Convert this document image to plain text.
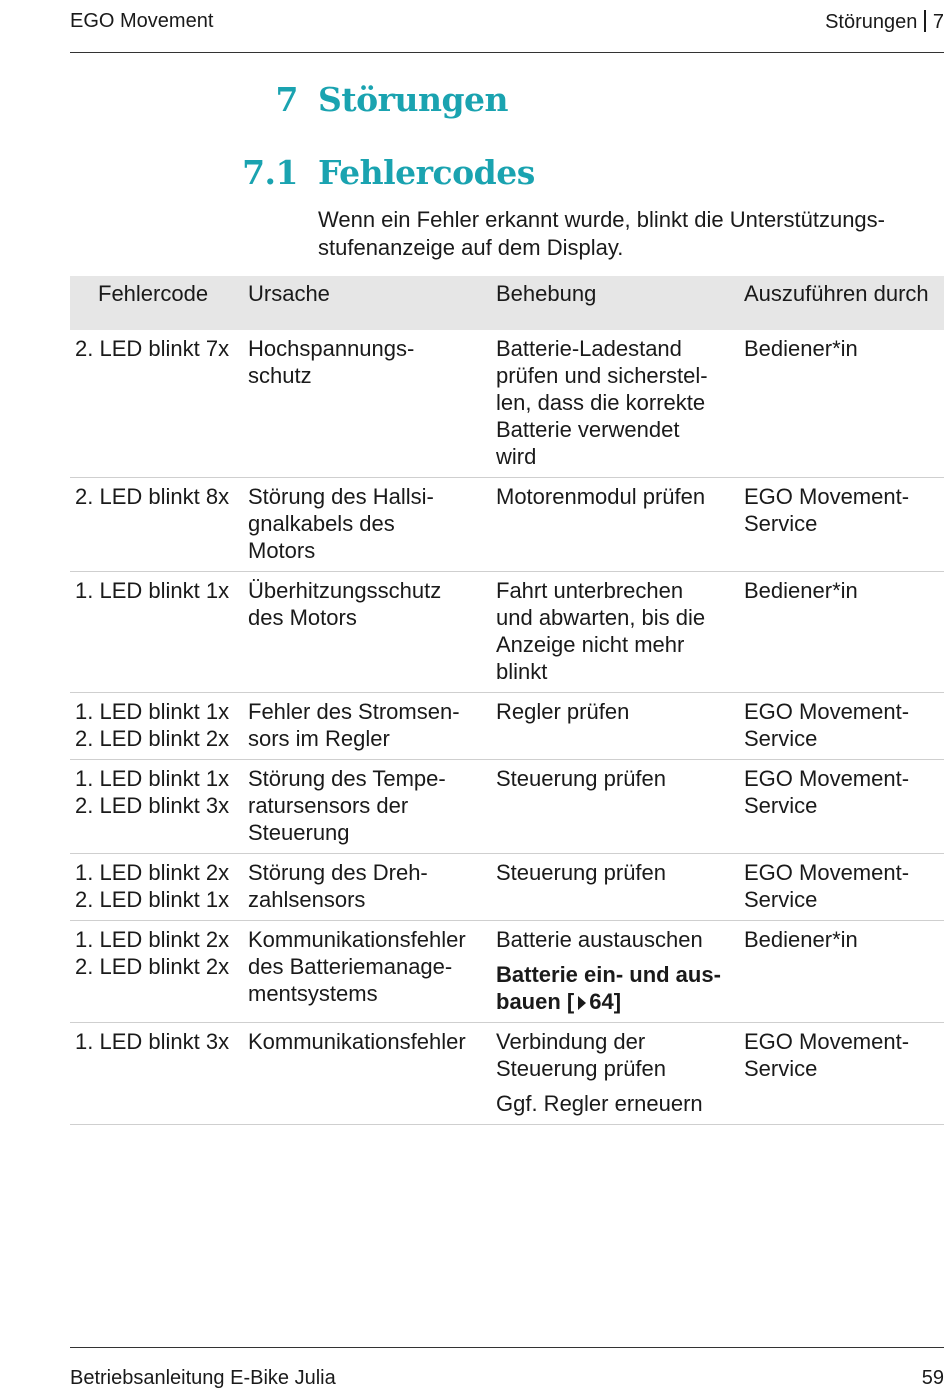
EGO Movement	Störungen 7
7 Störungen
7.1 Fehlercodes
Wenn ein Fehler erkannt wurde, blinkt die Unterstützungs-
stufenanzeige auf dem Display.
Fehlercode	Ursache	Behebung	Auszuführen durch

2. LED blinkt 7x	Hochspannungs-
schutz	Batterie-Ladestand
prüfen und sicherstel-
len, dass die korrekte
Batterie verwendet
wird	Bediener*in

2. LED blinkt 8x	Störung des Hallsi-
gnalkabels des
Motors	Motorenmodul prüfen	EGO Movement-
Service

1. LED blinkt 1x	Überhitzungsschutz
des Motors	Fahrt unterbrechen
und abwarten, bis die
Anzeige nicht mehr
blinkt	Bediener*in

1. LED blinkt 1x
2. LED blinkt 2x	Fehler des Stromsen-
sors im Regler	Regler prüfen	EGO Movement-
Service

1. LED blinkt 1x
2. LED blinkt 3x	Störung des Tempe-
ratursensors der
Steuerung	Steuerung prüfen	EGO Movement-
Service

1. LED blinkt 2x
2. LED blinkt 1x	Störung des Dreh-
zahlsensors	Steuerung prüfen	EGO Movement-
Service

1. LED blinkt 2x
2. LED blinkt 2x	Kommunikationsfehler
des Batteriemanage-
mentsystems	Batterie austauschen
Batterie ein- und aus-
bauen [ 64]	Bediener*in

1. LED blinkt 3x	Kommunikationsfehler	Verbindung der
Steuerung prüfen
Ggf. Regler erneuern	EGO Movement-
Service
Betriebsanleitung E-Bike Julia	59
